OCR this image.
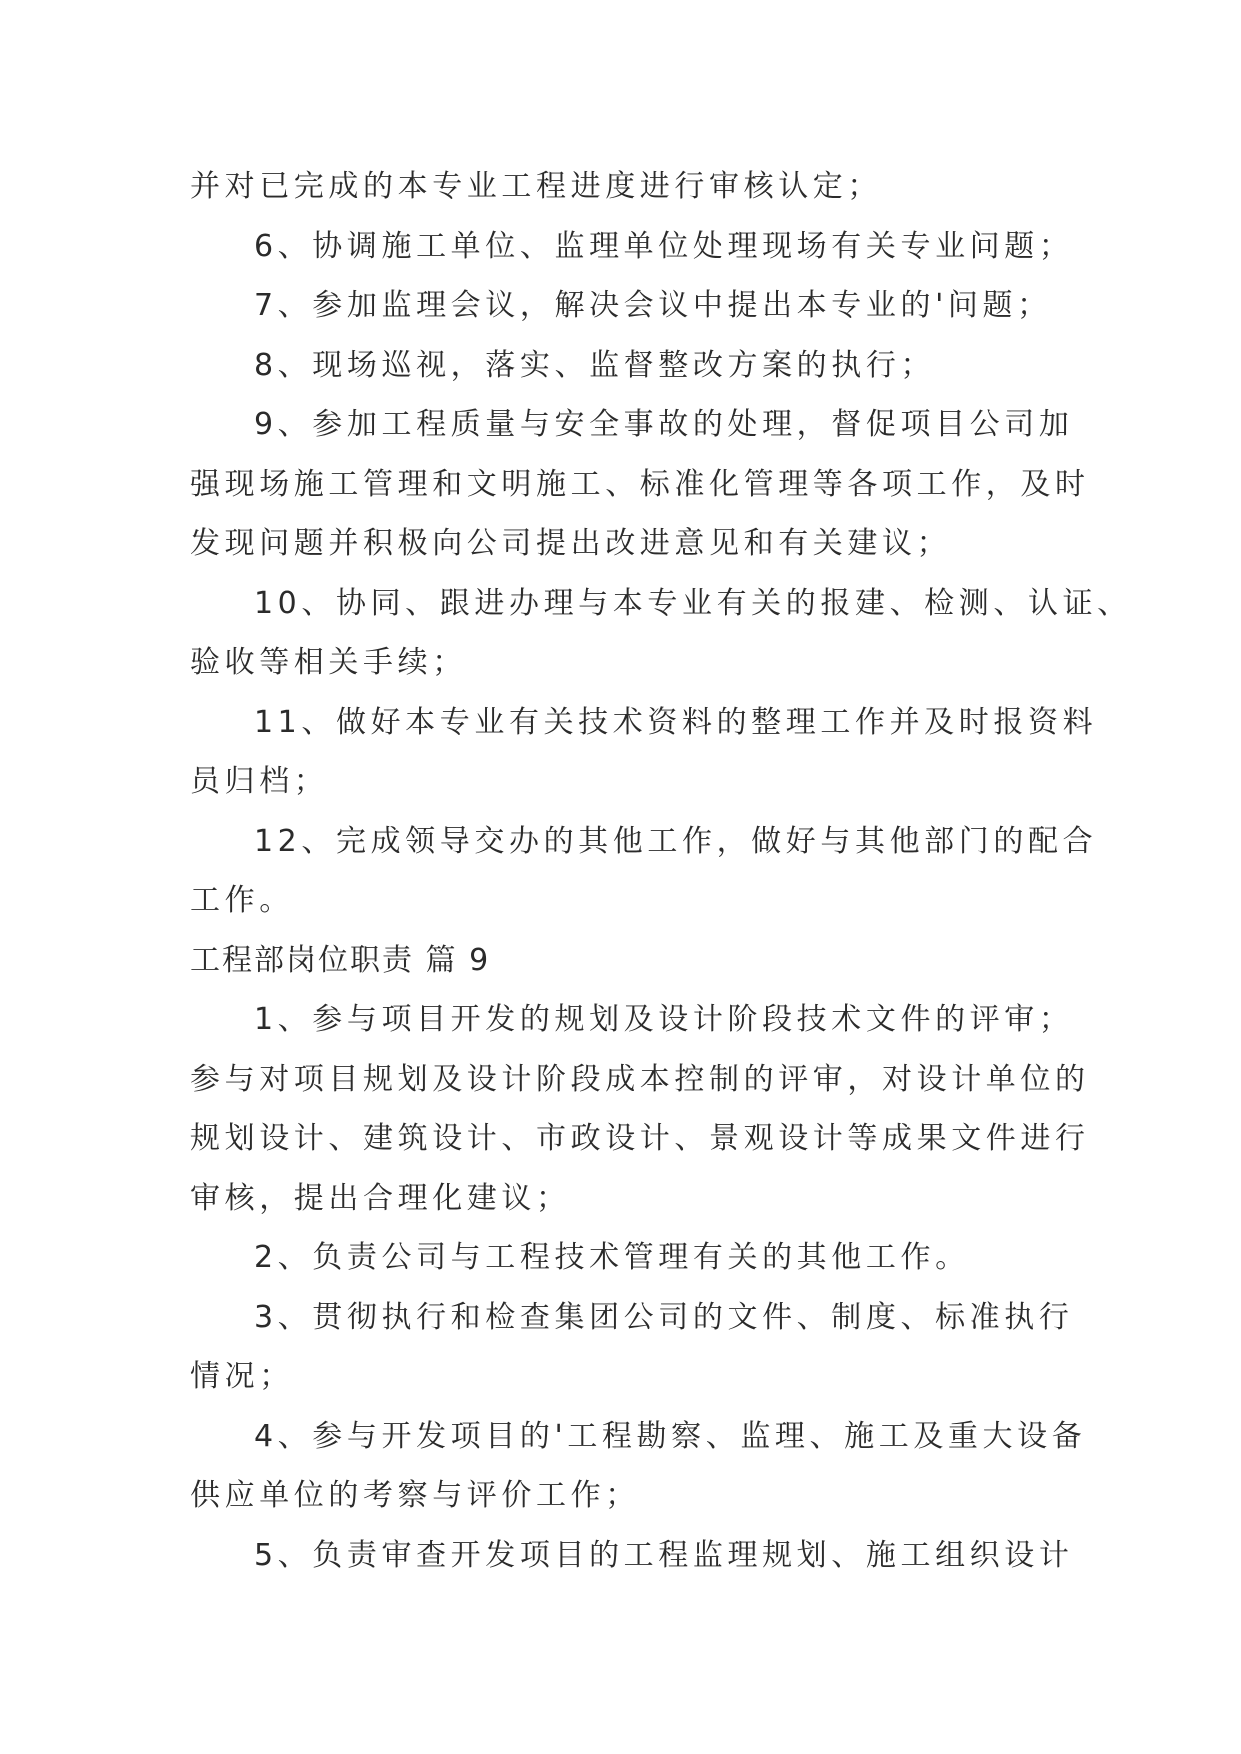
并对已完成的本专业工程进度进行审核认定；
6、协调施工单位、监理单位处理现场有关专业问题；
7、参加监理会议，解决会议中提出本专业的'问题；
8、现场巡视，落实、监督整改方案的执行；
9、参加工程质量与安全事故的处理，督促项目公司加
强现场施工管理和文明施工、标准化管理等各项工作，及时
发现问题并积极向公司提出改进意见和有关建议；
10、协同、跟进办理与本专业有关的报建、检测、认证、
验收等相关手续；
11、做好本专业有关技术资料的整理工作并及时报资料
员归档；
12、完成领导交办的其他工作，做好与其他部门的配合
工作。
工程部岗位职责 篇 9
1、参与项目开发的规划及设计阶段技术文件的评审；
参与对项目规划及设计阶段成本控制的评审，对设计单位的
规划设计、建筑设计、市政设计、景观设计等成果文件进行
审核，提出合理化建议；
2、负责公司与工程技术管理有关的其他工作。
3、贯彻执行和检查集团公司的文件、制度、标准执行
情况；
4、参与开发项目的'工程勘察、监理、施工及重大设备
供应单位的考察与评价工作；
5、负责审查开发项目的工程监理规划、施工组织设计
